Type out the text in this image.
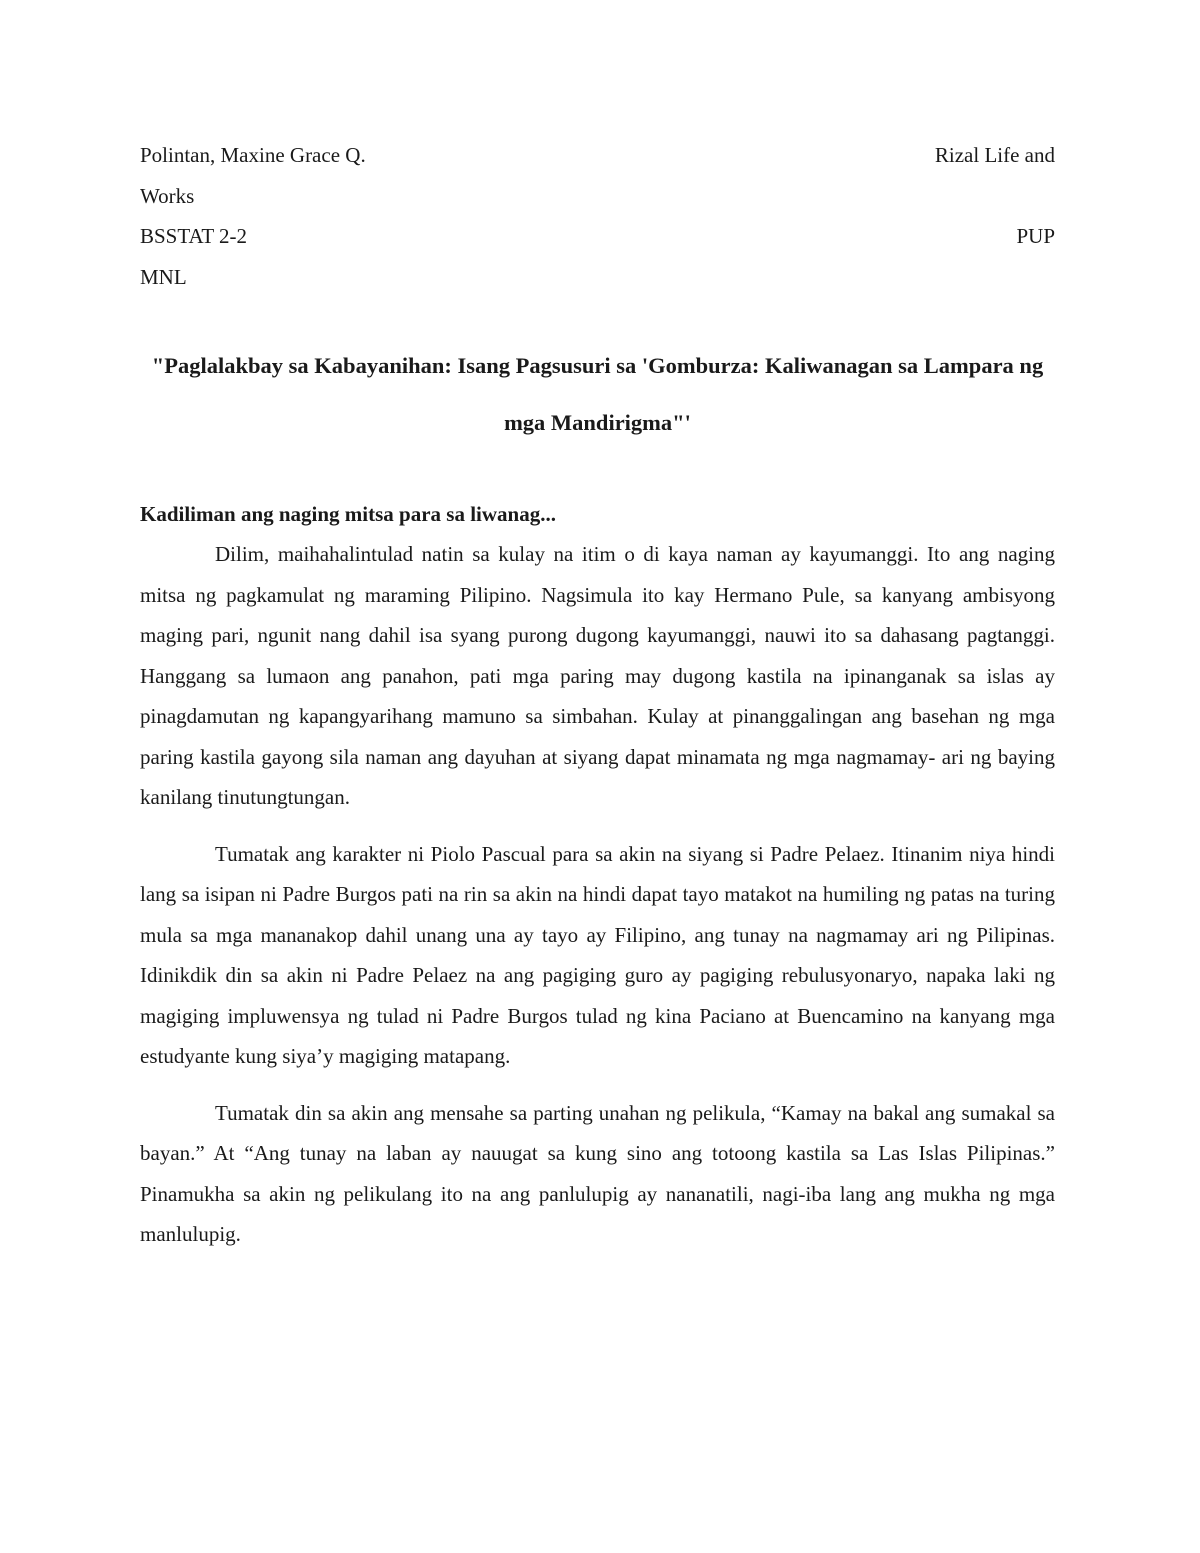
Polintan, Maxine Grace Q.	Rizal Life and
Works
BSSTAT 2-2	PUP
MNL
"Paglalakbay sa Kabayanihan: Isang Pagsusuri sa 'Gomburza: Kaliwanagan sa Lampara ng mga Mandirigma"'
Kadiliman ang naging mitsa para sa liwanag...

Dilim, maihahalintulad natin sa kulay na itim o di kaya naman ay kayumanggi. Ito ang naging mitsa ng pagkamulat ng maraming Pilipino. Nagsimula ito kay Hermano Pule, sa kanyang ambisyong maging pari, ngunit nang dahil isa syang purong dugong kayumanggi, nauwi ito sa dahasang pagtanggi. Hanggang sa lumaon ang panahon, pati mga paring may dugong kastila na ipinanganak sa islas ay pinagdamutan ng kapangyarihang mamuno sa simbahan. Kulay at pinanggalingan ang basehan ng mga paring kastila gayong sila naman ang dayuhan at siyang dapat minamata ng mga nagmamay- ari ng baying kanilang tinutungtungan.

Tumatak ang karakter ni Piolo Pascual para sa akin na siyang si Padre Pelaez. Itinanim niya hindi lang sa isipan ni Padre Burgos pati na rin sa akin na hindi dapat tayo matakot na humiling ng patas na turing mula sa mga mananakop dahil unang una ay tayo ay Filipino, ang tunay na nagmamay ari ng Pilipinas. Idinikdik din sa akin ni Padre Pelaez na ang pagiging guro ay pagiging rebulusyonaryo, napaka laki ng magiging impluwensya ng tulad ni Padre Burgos tulad ng kina Paciano at Buencamino na kanyang mga estudyante kung siya’y magiging matapang.

Tumatak din sa akin ang mensahe sa parting unahan ng pelikula, “Kamay na bakal ang sumakal sa bayan.” At “Ang tunay na laban ay nauugat sa kung sino ang totoong kastila sa Las Islas Pilipinas.” Pinamukha sa akin ng pelikulang ito na ang panlulupig ay nananatili, nagi-iba lang ang mukha ng mga manlulupig.
